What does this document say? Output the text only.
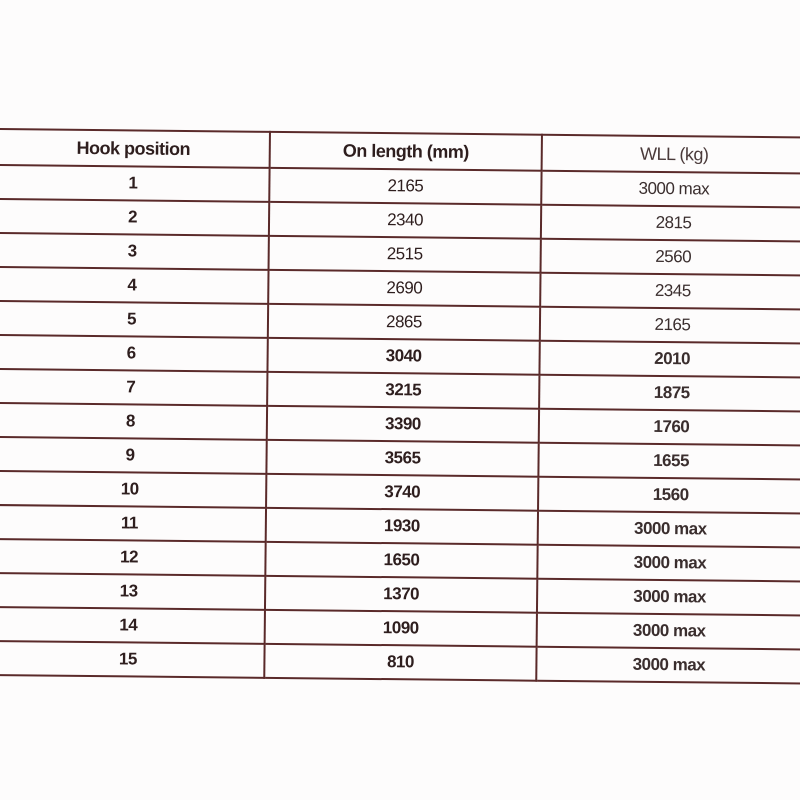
Hook position	On length (mm)	WLL (kg)
1	2165	3000 max
2	2340	2815
3	2515	2560
4	2690	2345
5	2865	2165
6	3040	2010
7	3215	1875
8	3390	1760
9	3565	1655
10	3740	1560
11	1930	3000 max
12	1650	3000 max
13	1370	3000 max
14	1090	3000 max
15	810	3000 max
